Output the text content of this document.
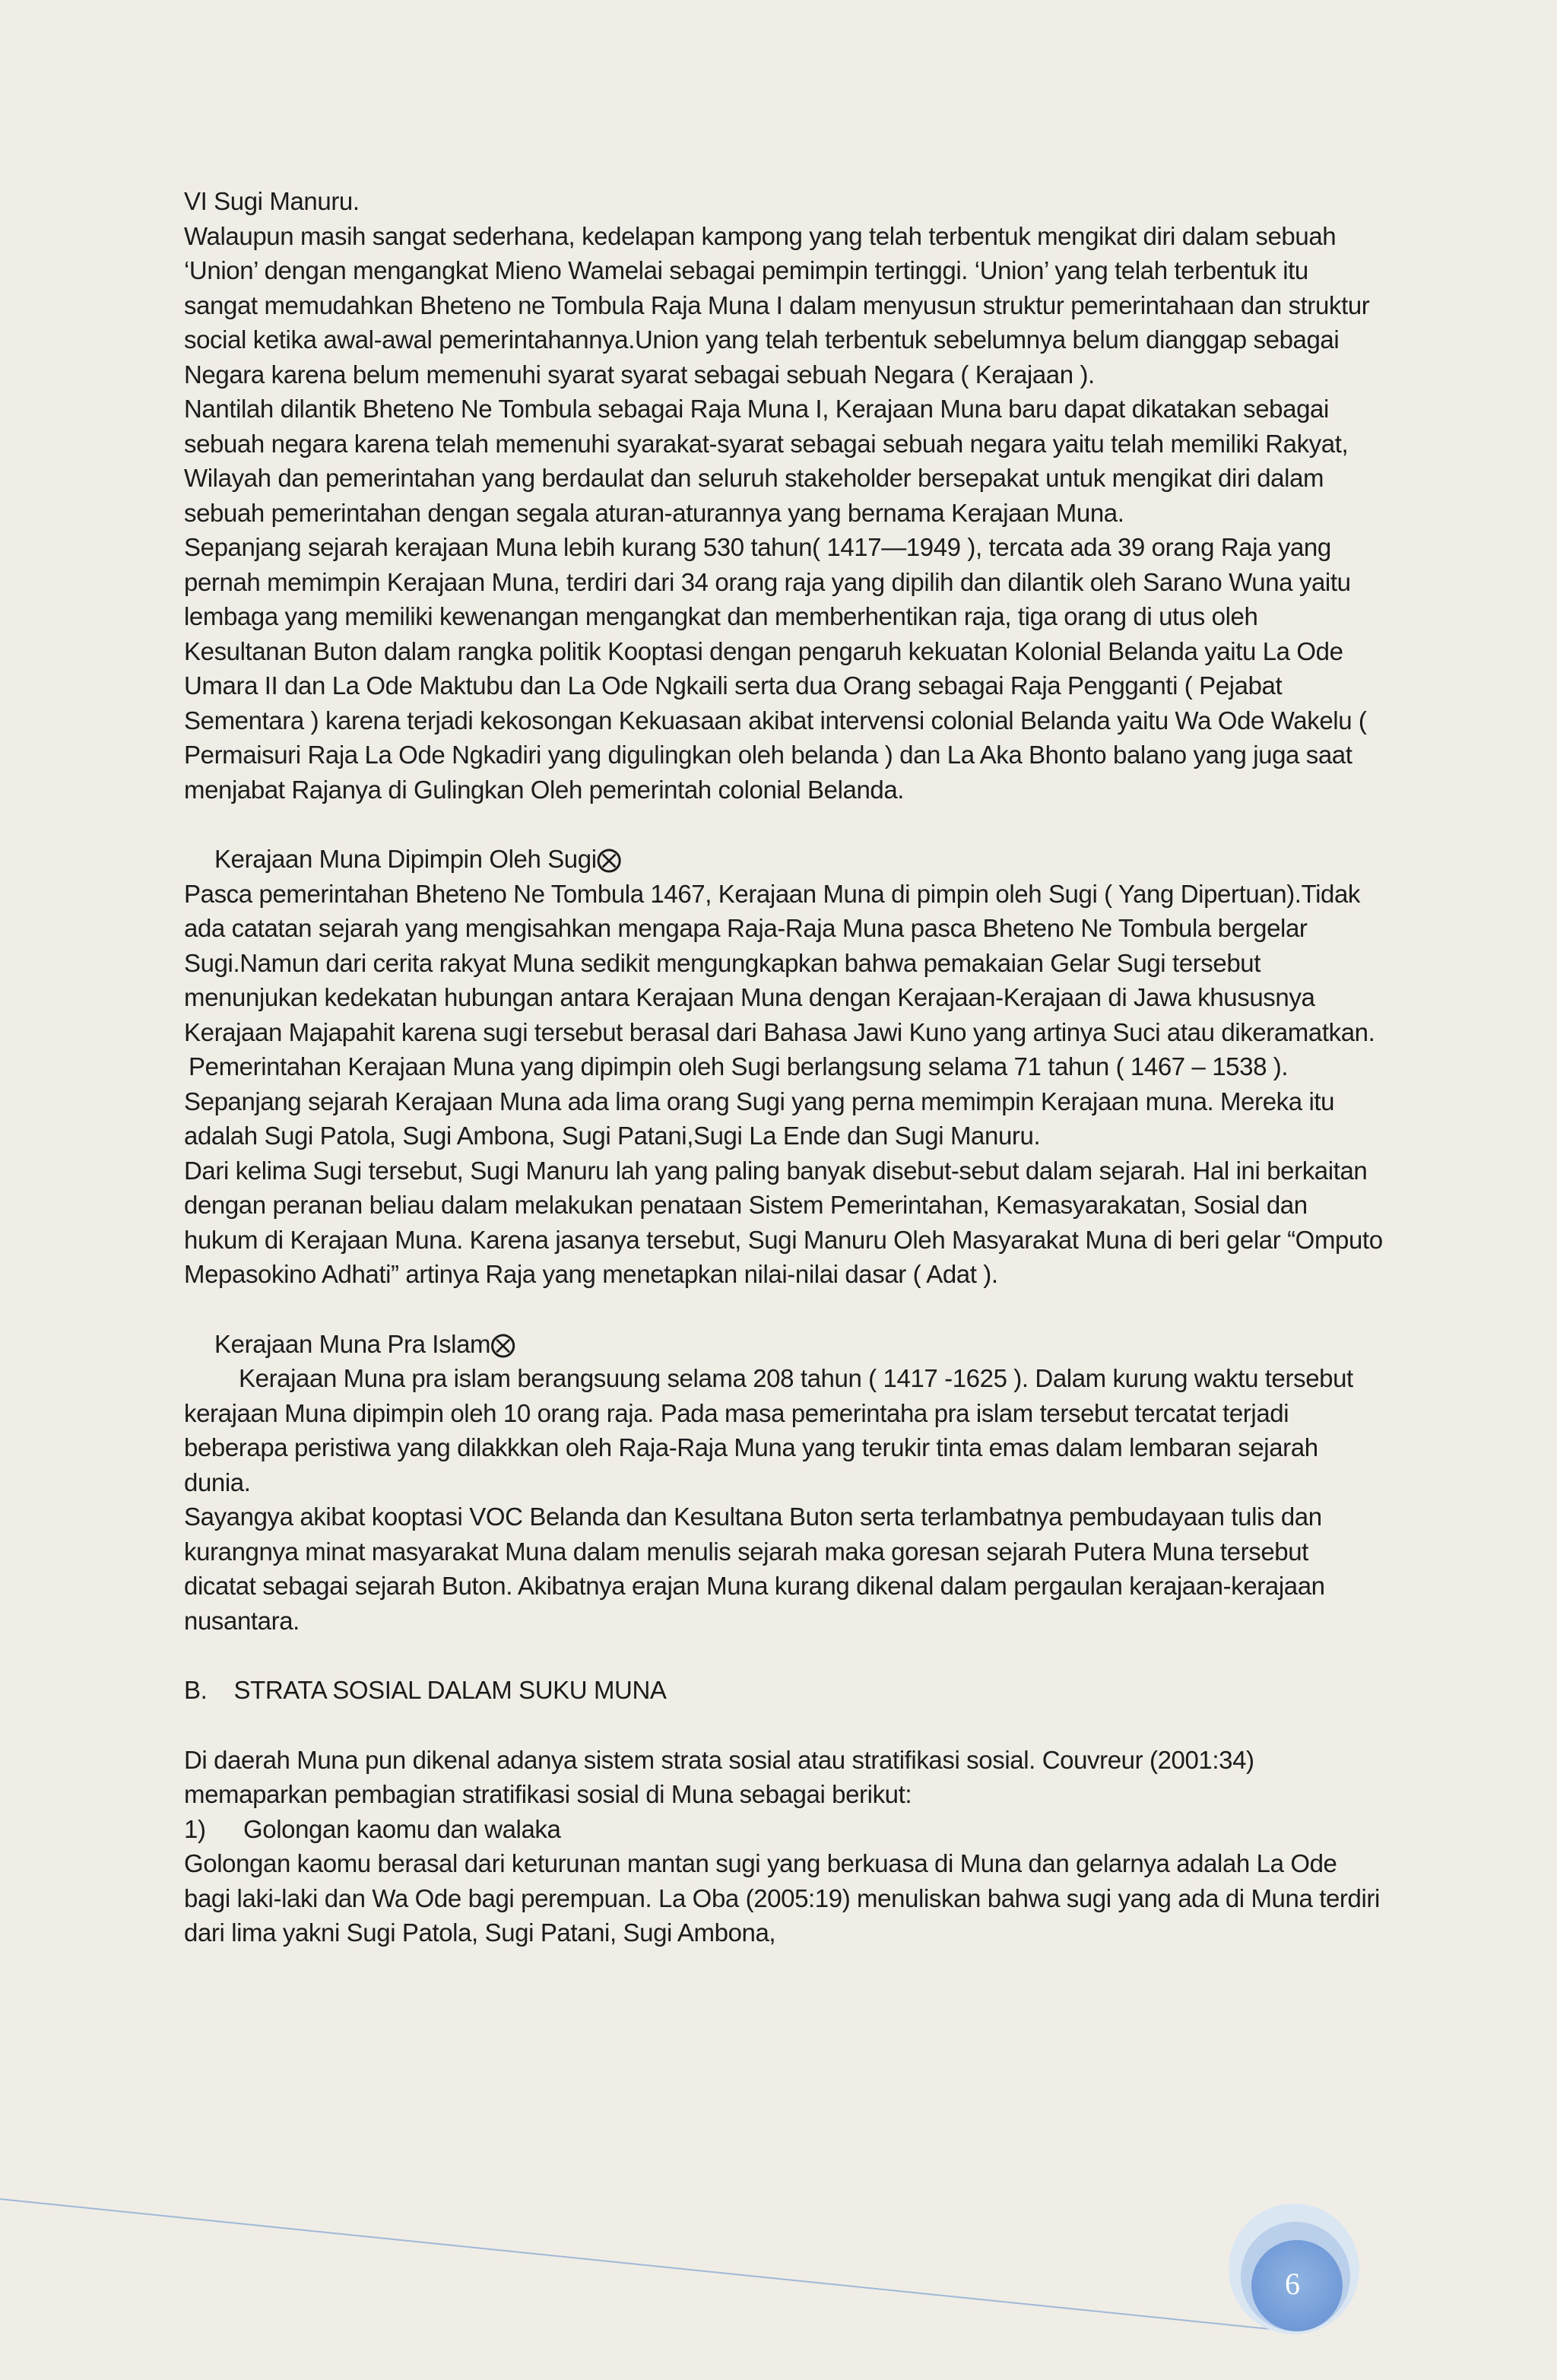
VI Sugi Manuru.

Walaupun masih sangat sederhana, kedelapan kampong yang telah terbentuk mengikat diri dalam sebuah ‘Union’ dengan mengangkat Mieno Wamelai sebagai pemimpin tertinggi. ‘Union’ yang telah terbentuk itu sangat memudahkan Bheteno ne Tombula Raja Muna I dalam menyusun struktur pemerintahaan dan struktur social ketika awal-awal pemerintahannya.Union yang telah terbentuk sebelumnya belum dianggap sebagai Negara karena belum memenuhi syarat syarat sebagai sebuah Negara ( Kerajaan ).

Nantilah dilantik Bheteno Ne Tombula sebagai Raja Muna I, Kerajaan Muna baru dapat dikatakan sebagai sebuah negara karena telah memenuhi syarakat-syarat sebagai sebuah negara yaitu telah memiliki Rakyat, Wilayah dan pemerintahan yang berdaulat dan seluruh stakeholder bersepakat untuk mengikat diri dalam sebuah pemerintahan dengan segala aturan-aturannya yang bernama Kerajaan Muna.

Sepanjang sejarah kerajaan Muna lebih kurang 530 tahun( 1417—1949 ), tercata ada 39 orang Raja yang pernah memimpin Kerajaan Muna, terdiri dari 34 orang raja yang dipilih dan dilantik oleh Sarano Wuna yaitu lembaga yang memiliki kewenangan mengangkat dan memberhentikan raja, tiga orang di utus oleh Kesultanan Buton dalam rangka politik Kooptasi dengan pengaruh kekuatan Kolonial Belanda yaitu La Ode Umara II dan La Ode Maktubu dan La Ode Ngkaili serta dua Orang sebagai Raja Pengganti ( Pejabat Sementara ) karena terjadi kekosongan Kekuasaan akibat intervensi colonial Belanda yaitu Wa Ode Wakelu ( Permaisuri Raja La Ode Ngkadiri yang digulingkan oleh belanda ) dan La Aka Bhonto balano yang juga saat menjabat Rajanya di Gulingkan Oleh pemerintah colonial Belanda.

Kerajaan Muna Dipimpin Oleh Sugi⨂

Pasca pemerintahan Bheteno Ne Tombula 1467, Kerajaan Muna di pimpin oleh Sugi ( Yang Dipertuan).Tidak ada catatan sejarah yang mengisahkan mengapa Raja-Raja Muna pasca Bheteno Ne Tombula bergelar Sugi.Namun dari cerita rakyat Muna sedikit mengungkapkan bahwa pemakaian Gelar Sugi tersebut menunjukan kedekatan hubungan antara Kerajaan Muna dengan Kerajaan-Kerajaan di Jawa khususnya Kerajaan Majapahit karena sugi tersebut berasal dari Bahasa Jawi Kuno yang artinya Suci atau dikeramatkan.

Pemerintahan Kerajaan Muna yang dipimpin oleh Sugi berlangsung selama 71 tahun ( 1467 – 1538 ). Sepanjang sejarah Kerajaan Muna ada lima orang Sugi yang perna memimpin Kerajaan muna. Mereka itu adalah Sugi Patola, Sugi Ambona, Sugi Patani,Sugi La Ende dan Sugi Manuru.

Dari kelima Sugi tersebut, Sugi Manuru lah yang paling banyak disebut-sebut dalam sejarah. Hal ini berkaitan dengan peranan beliau dalam melakukan penataan Sistem Pemerintahan, Kemasyarakatan, Sosial dan hukum di Kerajaan Muna. Karena jasanya tersebut, Sugi Manuru Oleh Masyarakat Muna di beri gelar “Omputo Mepasokino Adhati” artinya Raja yang menetapkan nilai-nilai dasar ( Adat ).

Kerajaan Muna Pra Islam⨂

Kerajaan Muna pra islam berangsuung selama 208 tahun ( 1417 -1625 ). Dalam kurung waktu tersebut kerajaan Muna dipimpin oleh 10 orang raja. Pada masa pemerintaha pra islam tersebut tercatat terjadi beberapa peristiwa yang dilakkkan oleh Raja-Raja Muna yang terukir tinta emas dalam lembaran sejarah dunia.

Sayangya akibat kooptasi VOC Belanda dan Kesultana Buton serta terlambatnya pembudayaan tulis dan kurangnya minat masyarakat Muna dalam menulis sejarah maka goresan sejarah Putera Muna tersebut dicatat sebagai sejarah Buton. Akibatnya erajan Muna kurang dikenal dalam pergaulan kerajaan-kerajaan nusantara.

B.    STRATA SOSIAL DALAM SUKU MUNA

Di daerah Muna pun dikenal adanya sistem strata sosial atau stratifikasi sosial. Couvreur (2001:34) memaparkan pembagian stratifikasi sosial di Muna sebagai berikut:

1) Golongan kaomu dan walaka

Golongan kaomu berasal dari keturunan mantan sugi yang berkuasa di Muna dan gelarnya adalah La Ode bagi laki-laki dan Wa Ode bagi perempuan. La Oba (2005:19) menuliskan bahwa sugi yang ada di Muna terdiri dari lima yakni Sugi Patola, Sugi Patani, Sugi Ambona,

6
